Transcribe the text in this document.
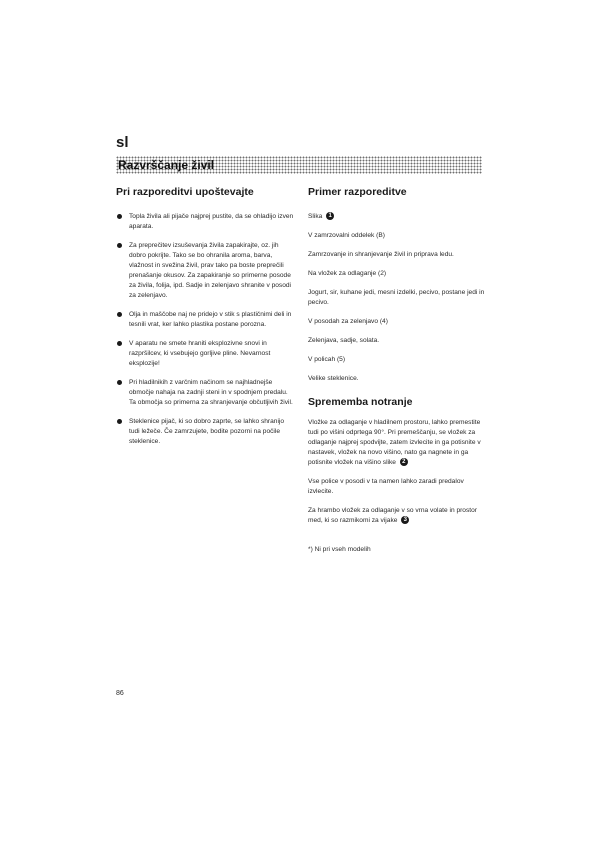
sl
Razvrščanje živil
Pri razporeditvi upoštevajte
Topla živila ali pijače najprej pustite, da se ohladijo izven aparata.
Za preprečitev izsuševanja živila zapakirajte, oz. jih dobro pokrijte. Tako se bo ohranila aroma, barva, vlažnost in svežina živil, prav tako pa boste preprečili prenašanje okusov. Za zapakiranje so primerne posode za živila, folija, ipd. Sadje in zelenjavo shranite v posodi za zelenjavo.
Olja in maščobe naj ne pridejo v stik s plastičnimi deli in tesnili vrat, ker lahko plastika postane porozna.
V aparatu ne smete hraniti eksplozivne snovi in razpršilcev, ki vsebujejo gorljive pline. Nevarnost eksplozije!
Pri hladilnikih z varčnim načinom se najhladnejše območje nahaja na zadnji steni in v spodnjem predalu. Ta območja so primerna za shranjevanje občutljivih živil.
Steklenice pijač, ki so dobro zaprte, se lahko shranijo tudi ležeče. Če zamrzujete, bodite pozorni na počile steklenice.
Primer razporeditve

Slika 1

V zamrzovalni oddelek (B)

Zamrzovanje in shranjevanje živil in priprava ledu.

Na vložek za odlaganje (2)

Jogurt, sir, kuhane jedi, mesni izdelki, pecivo, postane jedi in pecivo.

V posodah za zelenjavo (4)

Zelenjava, sadje, solata.

V policah (5)

Velike steklenice.

Sprememba notranje

Vložke za odlaganje v hladilnem prostoru, lahko premestite tudi po višini odprtega 90°. Pri premeščanju, se vložek za odlaganje najprej spodvijte, zatem izvlecite in ga potisnite v nastavek, vložek na novo višino, nato ga nagnete in ga potisnite vložek na višino slike 2

Vse police v posodi v ta namen lahko zaradi predalov izvlecite.

Za hrambo vložek za odlaganje v so vrna volate in prostor med, ki so razmikomi za vijake 3

*) Ni pri vseh modelih
86
